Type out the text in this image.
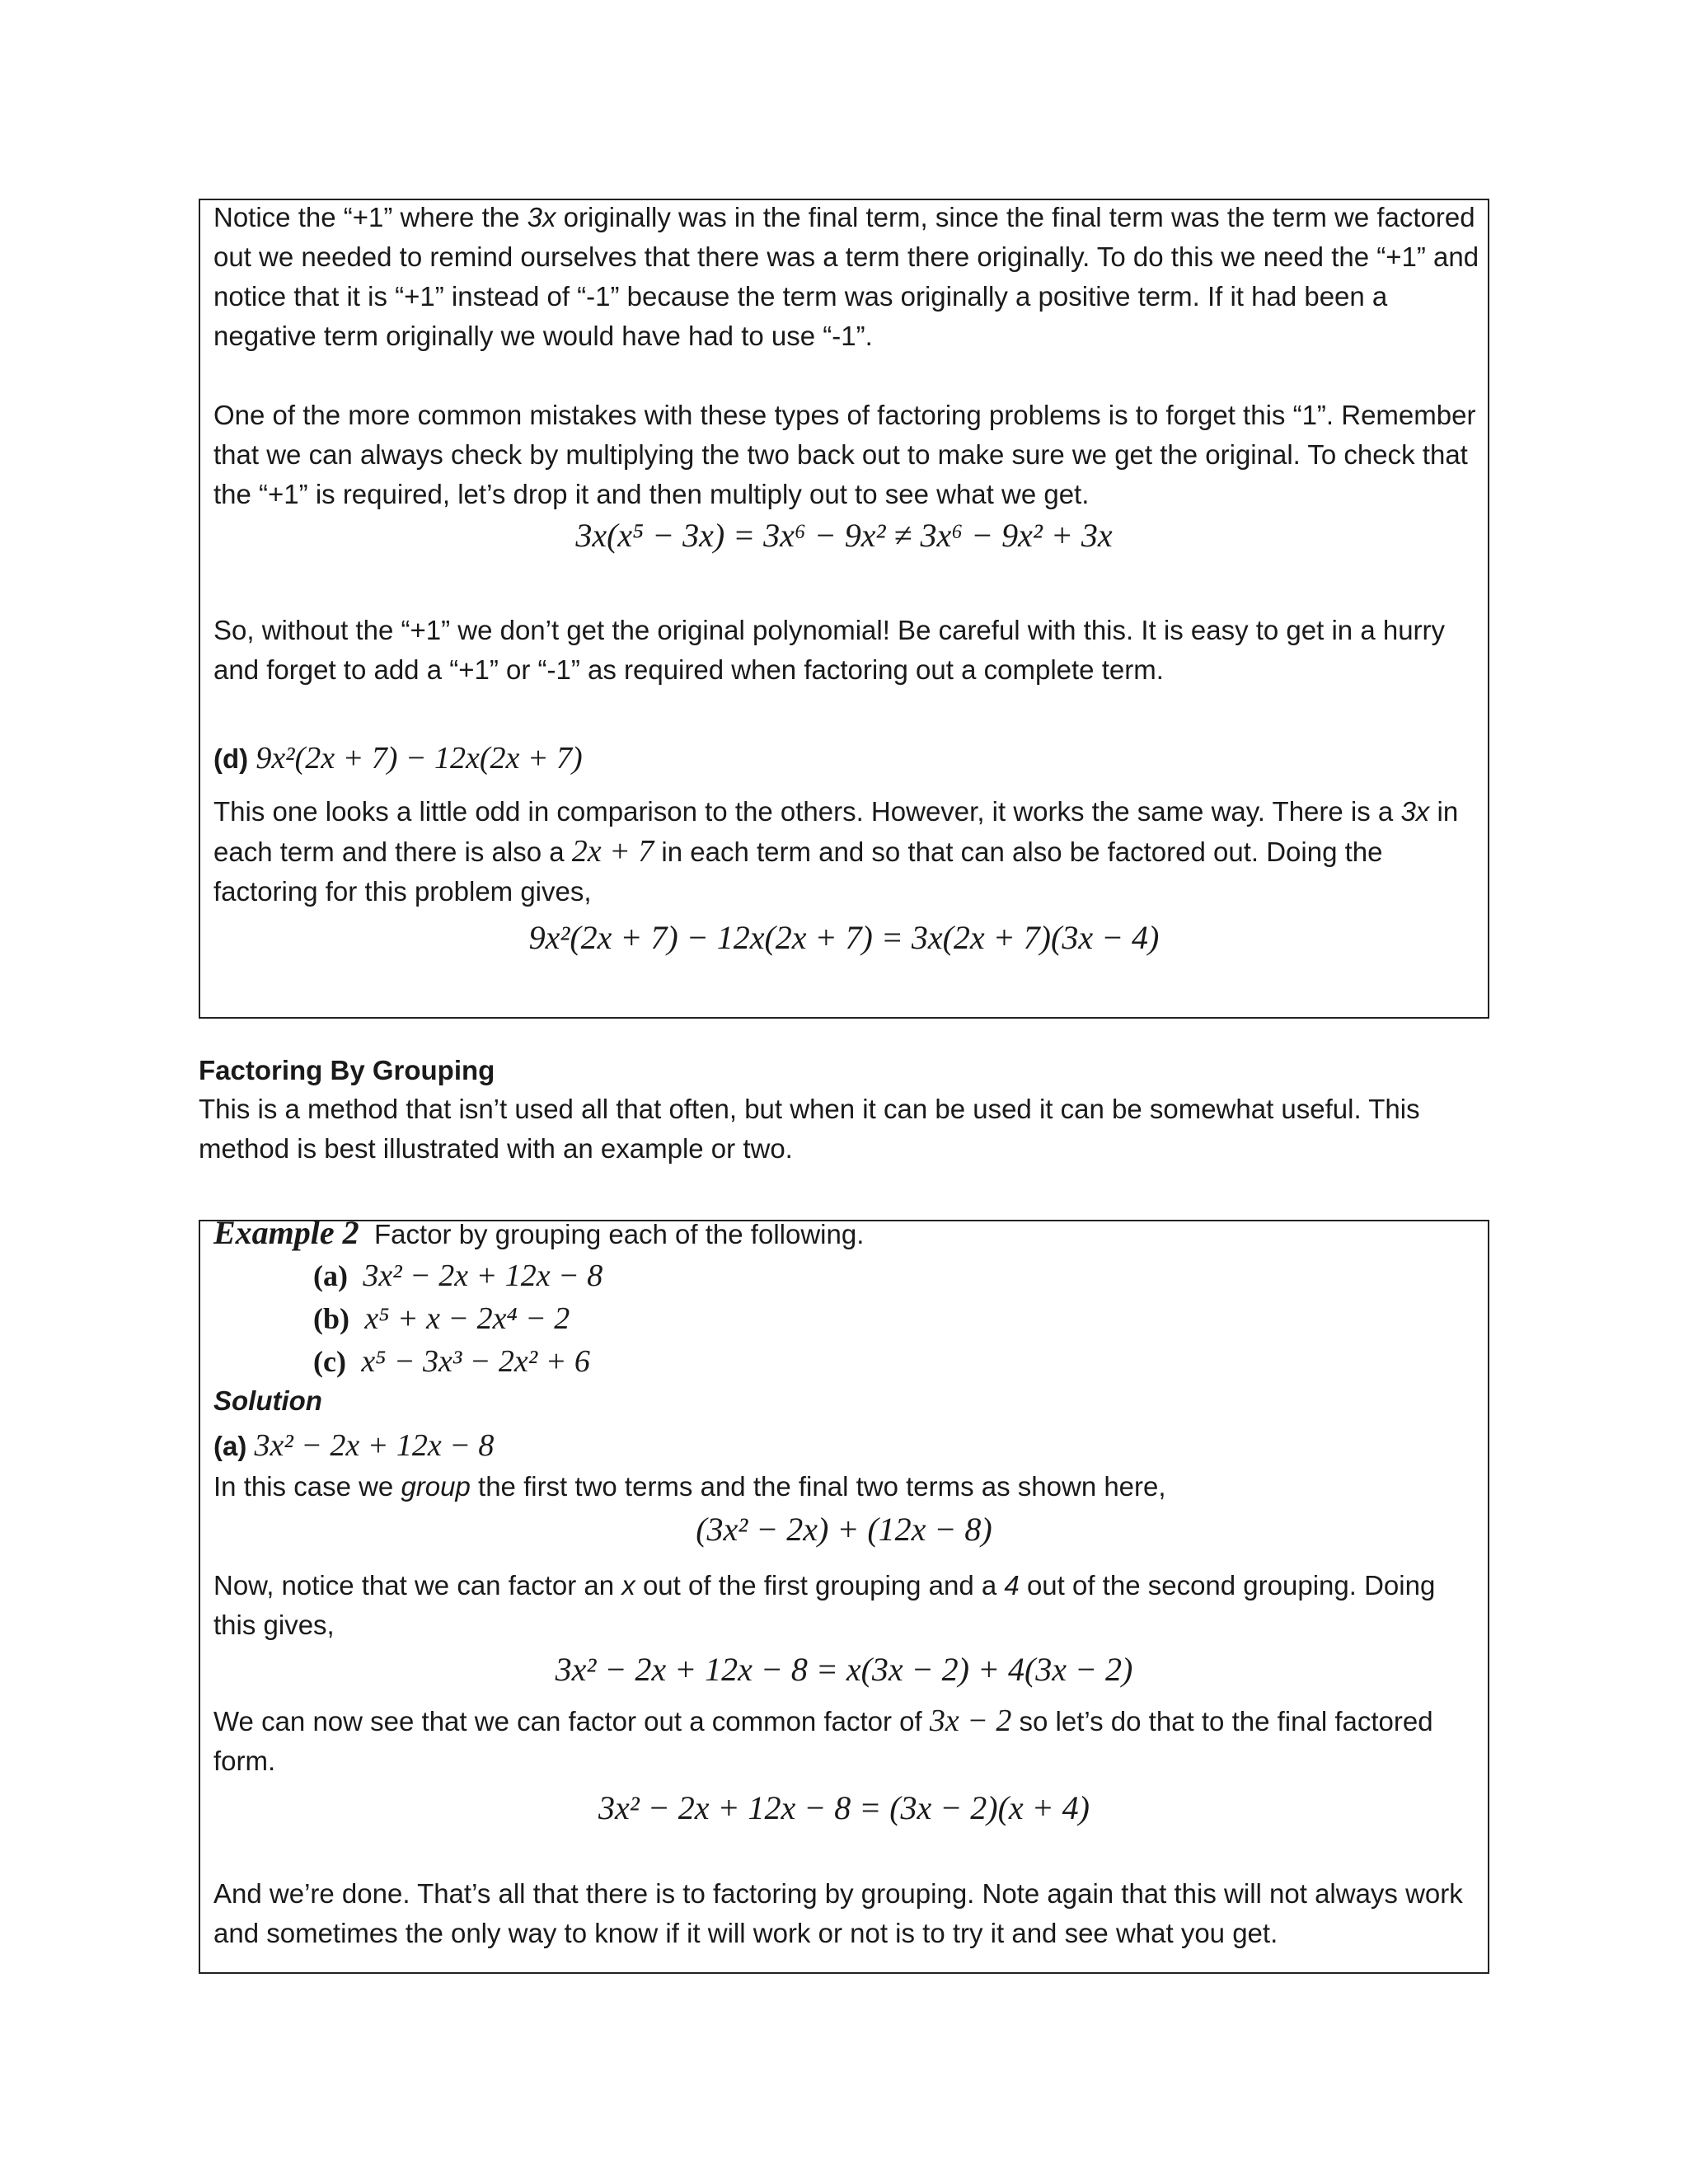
Notice the “+1” where the 3x originally was in the final term, since the final term was the term we factored out we needed to remind ourselves that there was a term there originally. To do this we need the “+1” and notice that it is “+1” instead of “-1” because the term was originally a positive term. If it had been a negative term originally we would have had to use “-1”.

One of the more common mistakes with these types of factoring problems is to forget this “1”. Remember that we can always check by multiplying the two back out to make sure we get the original. To check that the “+1” is required, let’s drop it and then multiply out to see what we get.

3x(x⁵ − 3x) = 3x⁶ − 9x² ≠ 3x⁶ − 9x² + 3x

So, without the “+1” we don’t get the original polynomial! Be careful with this. It is easy to get in a hurry and forget to add a “+1” or “-1” as required when factoring out a complete term.

(d) 9x²(2x + 7) − 12x(2x + 7)

This one looks a little odd in comparison to the others. However, it works the same way. There is a 3x in each term and there is also a 2x + 7 in each term and so that can also be factored out. Doing the factoring for this problem gives,

9x²(2x + 7) − 12x(2x + 7) = 3x(2x + 7)(3x − 4)
Factoring By Grouping

This is a method that isn’t used all that often, but when it can be used it can be somewhat useful. This method is best illustrated with an example or two.

Example 2 Factor by grouping each of the following.
(a) 3x² − 2x + 12x − 8
(b) x⁵ + x − 2x⁴ − 2
(c) x⁵ − 3x³ − 2x² + 6
Solution
(a) 3x² − 2x + 12x − 8
In this case we group the first two terms and the final two terms as shown here,
(3x² − 2x) + (12x − 8)

Now, notice that we can factor an x out of the first grouping and a 4 out of the second grouping. Doing this gives,

3x² − 2x + 12x − 8 = x(3x − 2) + 4(3x − 2)

We can now see that we can factor out a common factor of 3x − 2 so let’s do that to the final factored form.

3x² − 2x + 12x − 8 = (3x − 2)(x + 4)

And we’re done. That’s all that there is to factoring by grouping. Note again that this will not always work and sometimes the only way to know if it will work or not is to try it and see what you get.
